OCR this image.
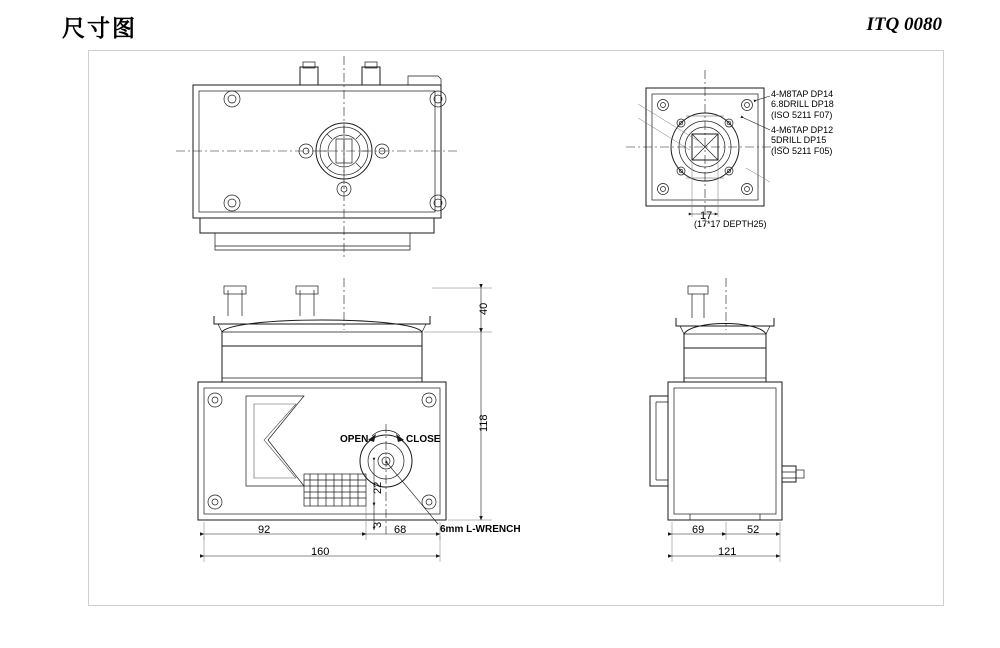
尺寸图	ITQ 0080
4-M8TAP DP14
6.8DRILL DP18
(ISO 5211 F07)
4-M6TAP DP12
5DRILL DP15
(ISO 5211 F05)
17
(17*17 DEPTH25)
OPEN	CLOSE
6mm L-WRENCH
40
118
92	68
160
22
3	69	52
121
